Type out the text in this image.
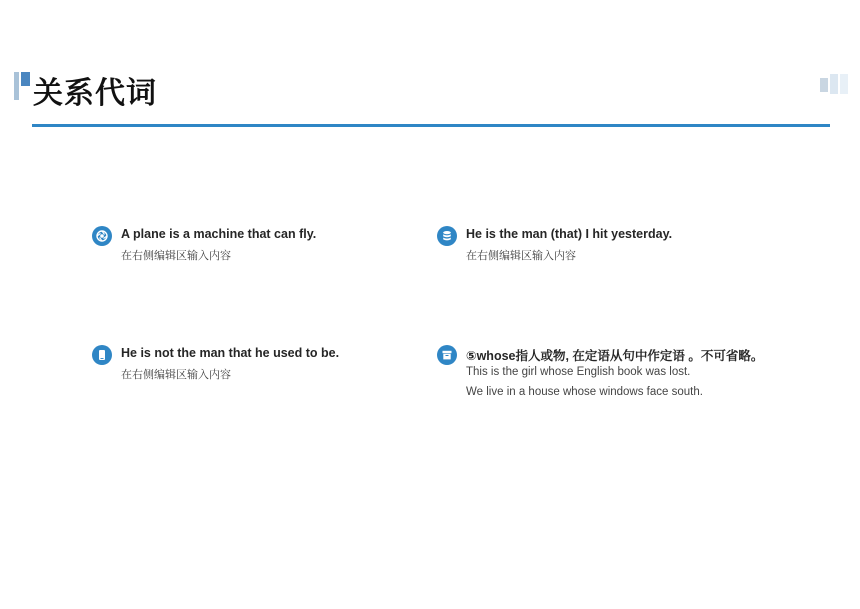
关系代词
A plane is a machine that can fly.
在右侧编辑区输入内容
He is the man (that) I hit yesterday.
在右侧编辑区输入内容
He is not the man that he used to be.
在右侧编辑区输入内容
⑤whose指人或物, 在定语从句中作定语 。不可省略。
This is the girl whose English book was lost.
We live in a house whose windows face south.
